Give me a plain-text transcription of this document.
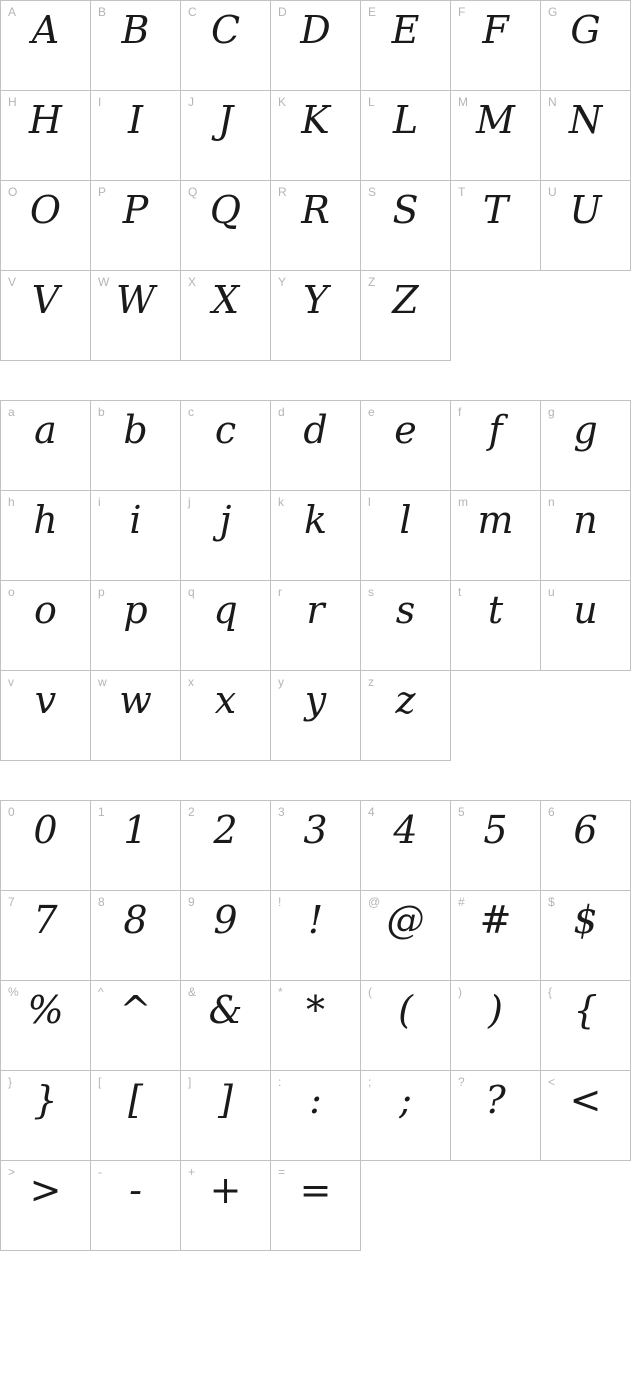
A A	B B	C C	D D	E E	F F	G G

H H	I I	J J	K K	L L	M M	N N

O O	P P	Q Q	R R	S S	T T	U U

V V	W W	X X	Y Y	Z Z		

a a	b b	c c	d d	e e	f f	g g

h h	i i	j j	k k	l l	m m	n n

o o	p p	q q	r r	s s	t t	u u

v v	w w	x x	y y	z z		

0 0	1 1	2 2	3 3	4 4	5 5	6 6

7 7	8 8	9 9	! !	@ @	# #	$ $

% %	^ ^	& &	* *	( (	) )	{ {

} }	[ [	] ]	: :	; ;	? ?	< <

> >	- -	+ +	= =			
